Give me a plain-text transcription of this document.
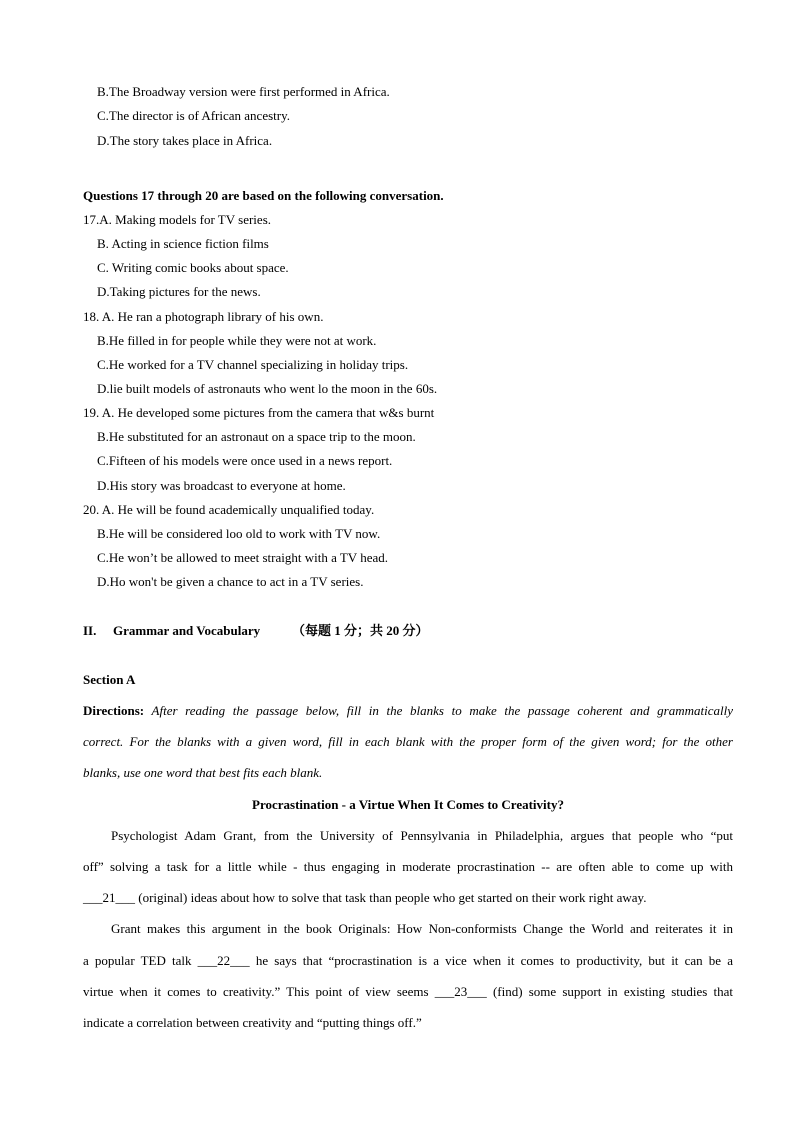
B.The Broadway version were first performed in Africa.
C.The director is of African ancestry.
D.The story takes place in Africa.
Questions 17 through 20 are based on the following conversation.
17.A. Making models for TV series.
B. Acting in science fiction films
C. Writing comic books about space.
D.Taking pictures for the news.
18. A. He ran a photograph library of his own.
B.He filled in for people while they were not at work.
C.He worked for a TV channel specializing in holiday trips.
D.lie built models of astronauts who went lo the moon in the 60s.
19. A. He developed some pictures from the camera that w&s burnt
B.He substituted for an astronaut on a space trip to the moon.
C.Fifteen of his models were once used in a news report.
D.His story was broadcast to everyone at home.
20. A. He will be found academically unqualified today.
B.He will be considered loo old to work with TV now.
C.He won’t be allowed to meet straight with a TV head.
D.Ho won't be given a chance to act in a TV series.
II. Grammar and Vocabulary （每题 1 分；共 20 分）
Section A
Directions: After reading the passage below, fill in the blanks to make the passage coherent and grammatically
correct. For the blanks with a given word, fill in each blank with the proper form of the given word; for the other
blanks, use one word that best fits each blank.
Procrastination - a Virtue When It Comes to Creativity?
Psychologist Adam Grant, from the University of Pennsylvania in Philadelphia, argues that people who “put
off” solving a task for a little while - thus engaging in moderate procrastination -- are often able to come up with
___21___ (original) ideas about how to solve that task than people who get started on their work right away.
Grant makes this argument in the book Originals: How Non-conformists Change the World and reiterates it in
a popular TED talk ___22___ he says that “procrastination is a vice when it comes to productivity, but it can be a
virtue when it comes to creativity.” This point of view seems ___23___ (find) some support in existing studies that
indicate a correlation between creativity and “putting things off.”
